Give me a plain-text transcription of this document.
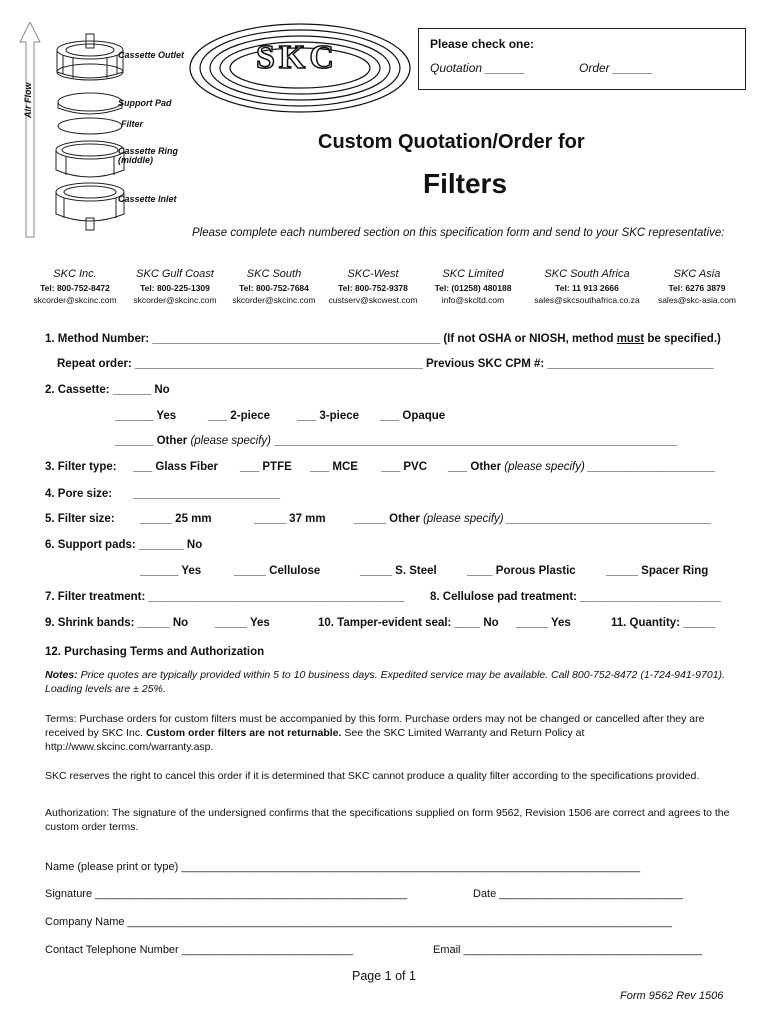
Air Flow
Cassette Outlet
Support Pad
Filter
Cassette Ring
(middle)
Cassette Inlet
SKC	Please check one:
Quotation ______	Order ______
Custom Quotation/Order for
Filters
Please complete each numbered section on this specification form and send to your SKC representative:
SKC Inc.
Tel: 800-752-8472
skcorder@skcinc.com
SKC Gulf Coast
Tel: 800-225-1309
skcorder@skcinc.com
SKC South
Tel: 800-752-7684
skcorder@skcinc.com
SKC-West
Tel: 800-752-9378
custserv@skcwest.com
SKC Limited
Tel: (01258) 480188
info@skcltd.com
SKC South Africa
Tel: 11 913 2666
sales@skcsouthafrica.co.za
SKC Asia
Tel: 6276 3879
sales@skc-asia.com
1. Method Number: _____________________________________________ (If not OSHA or NIOSH, method must be specified.)
Repeat order: _____________________________________________ Previous SKC CPM #: __________________________
2. Cassette: ______ No
______ Yes	___ 2-piece ___ 3-piece ___ Opaque
______ Other (please specify) _______________________________________________________________
3. Filter type: ___ Glass Fiber ___ PTFE ___ MCE ___ PVC ___ Other (please specify) ____________________
4. Pore size: _______________________
5. Filter size: _____ 25 mm	_____ 37 mm _____ Other (please specify) ________________________________
6. Support pads: _______ No
______ Yes	_____ Cellulose	_____ S. Steel	____ Porous Plastic	_____ Spacer Ring
7. Filter treatment: ________________________________________ 8. Cellulose pad treatment: ______________________
9. Shrink bands: _____ No _____ Yes	10. Tamper-evident seal: ____ No _____ Yes	11. Quantity: _____
12. Purchasing Terms and Authorization
Notes: Price quotes are typically provided within 5 to 10 business days. Expedited service may be available. Call 800-752-8472 (1-724-941-9701). Loading levels are ± 25%.
Terms: Purchase orders for custom filters must be accompanied by this form. Purchase orders may not be changed or cancelled after they are received by SKC Inc. Custom order filters are not returnable. See the SKC Limited Warranty and Return Policy at http://www.skcinc.com/warranty.asp.
SKC reserves the right to cancel this order if it is determined that SKC cannot produce a quality filter according to the specifications provided.
Authorization: The signature of the undersigned confirms that the specifications supplied on form 9562, Revision 1506 are correct and agrees to the custom order terms.
Name (please print or type) ___________________________________________________________________________
Signature ___________________________________________________	Date ______________________________
Company Name _________________________________________________________________________________________
Contact Telephone Number ____________________________	Email _______________________________________
Page 1 of 1
Form 9562 Rev 1506
